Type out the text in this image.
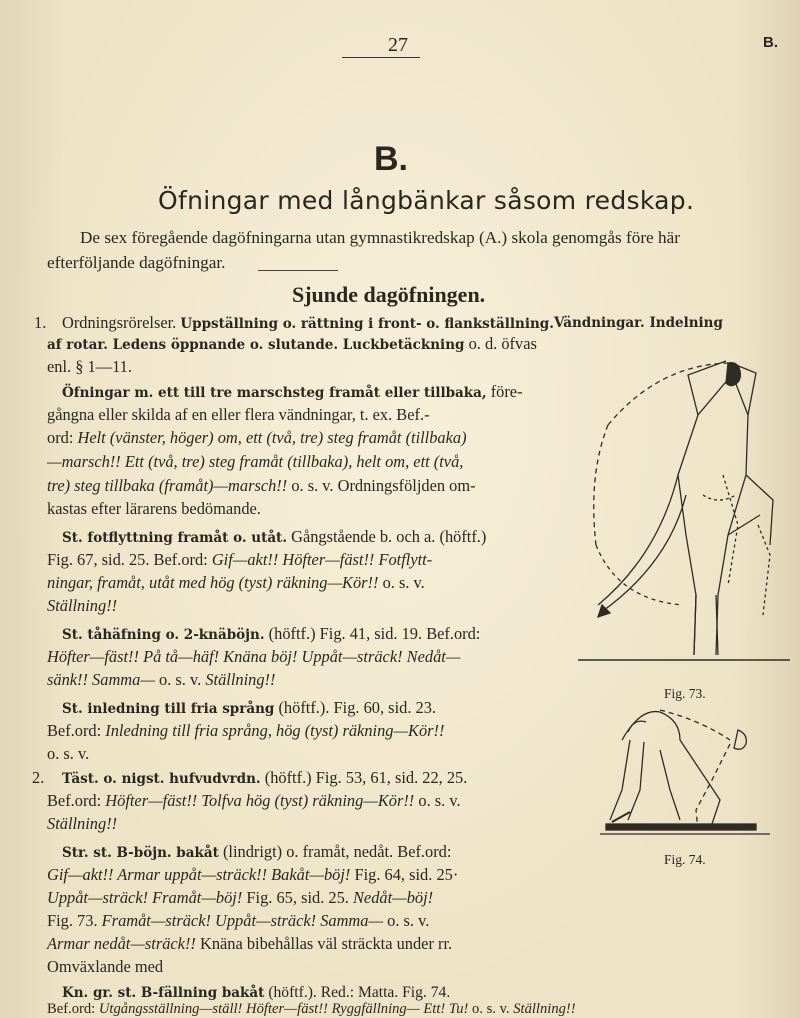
27	B.
B.
Öfningar med långbänkar såsom redskap.
De sex föregående dagöfningarna utan gymnastikredskap (A.) skola genomgås före här
efterföljande dagöfningar.
Sjunde dagöfningen.
1. Ordningsrörelser. Uppställning o. rättning i front- o. flankställning. Vändningar. Indelning
af rotar. Ledens öppnande o. slutande. Luckbetäckning o. d. öfvas
enl. § 1—11.
Öfningar m. ett till tre marschsteg framåt eller tillbaka, före-
gångna eller skilda af en eller flera vändningar, t. ex. Bef.-
ord: Helt (vänster, höger) om, ett (två, tre) steg framåt (tillbaka)
—marsch!! Ett (två, tre) steg framåt (tillbaka), helt om, ett (två,
tre) steg tillbaka (framåt)—marsch!! o. s. v. Ordningsföljden om-
kastas efter lärarens bedömande.
St. fotflyttning framåt o. utåt. Gångstående b. och a. (höftf.)
Fig. 67, sid. 25. Bef.ord: Gif—akt!! Höfter—fäst!! Fotflytt-
ningar, framåt, utåt med hög (tyst) räkning—Kör!! o. s. v.
Ställning!!
St. tåhäfning o. 2-knäböjn. (höftf.) Fig. 41, sid. 19. Bef.ord:
Höfter—fäst!! På tå—häf! Knäna böj! Uppåt—sträck! Nedåt—
sänk!! Samma— o. s. v. Ställning!!
St. inledning till fria språng (höftf.). Fig. 60, sid. 23.
Bef.ord: Inledning till fria språng, hög (tyst) räkning—Kör!!
o. s. v.
2. Täst. o. nigst. hufvudvrdn. (höftf.) Fig. 53, 61, sid. 22, 25.
Bef.ord: Höfter—fäst!! Tolfva hög (tyst) räkning—Kör!! o. s. v.
Ställning!!
Str. st. B-böjn. bakåt (lindrigt) o. framåt, nedåt. Bef.ord:
Gif—akt!! Armar uppåt—sträck!! Bakåt—böj! Fig. 64, sid. 25·
Uppåt—sträck! Framåt—böj! Fig. 65, sid. 25. Nedåt—böj!
Fig. 73. Framåt—sträck! Uppåt—sträck! Samma— o. s. v.
Armar nedåt—sträck!! Knäna bibehållas väl sträckta under rr.
Omväxlande med
Kn. gr. st. B-fällning bakåt (höftf.). Red.: Matta. Fig. 74.
Fig. 73.
Fig. 74.
Bef.ord: Utgångsställning—ställ! Höfter—fäst!! Ryggfällning— Ett! Tu! o. s. v. Ställning!!
